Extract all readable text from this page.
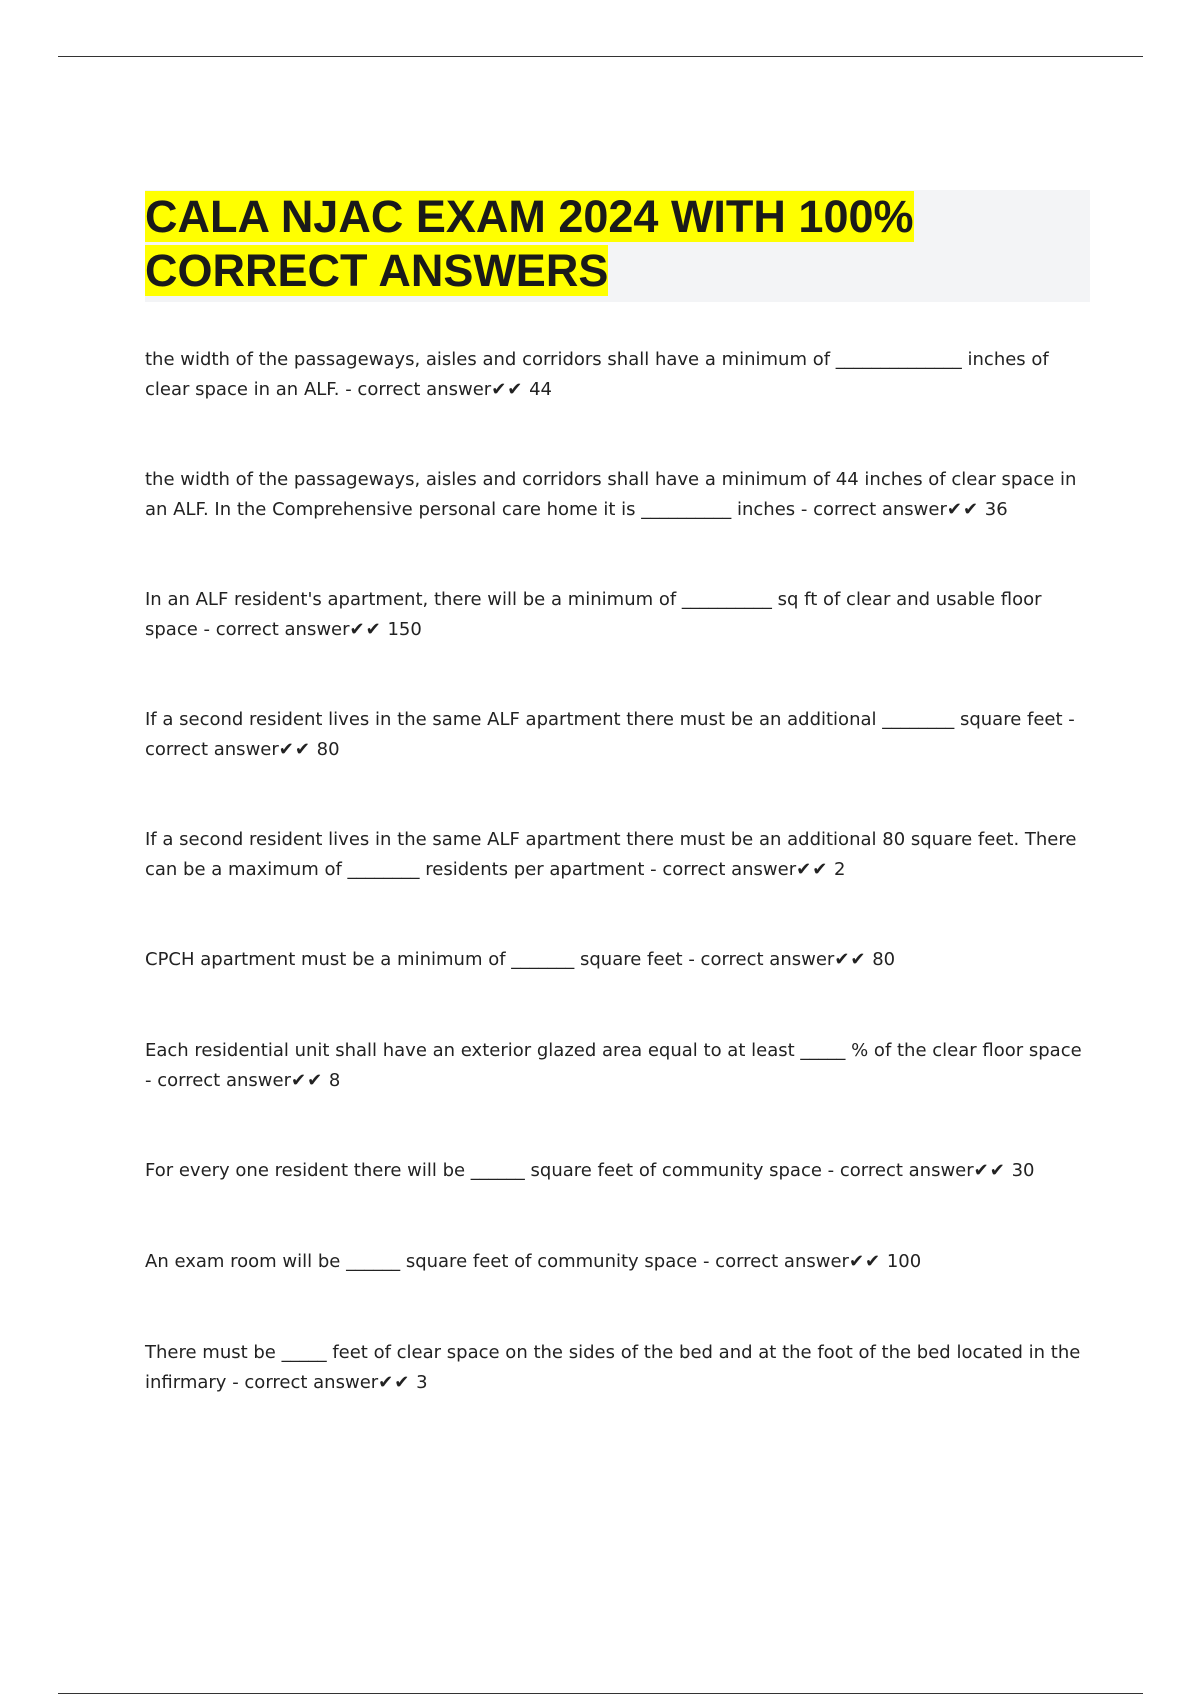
CALA NJAC EXAM 2024 WITH 100% CORRECT ANSWERS
the width of the passageways, aisles and corridors shall have a minimum of ______________ inches of clear space in an ALF. - correct answer✔✔ 44
the width of the passageways, aisles and corridors shall have a minimum of 44 inches of clear space in an ALF. In the Comprehensive personal care home it is __________ inches - correct answer✔✔ 36
In an ALF resident's apartment, there will be a minimum of __________ sq ft of clear and usable floor space - correct answer✔✔ 150
If a second resident lives in the same ALF apartment there must be an additional ________ square feet - correct answer✔✔ 80
If a second resident lives in the same ALF apartment there must be an additional 80 square feet. There can be a maximum of ________ residents per apartment - correct answer✔✔ 2
CPCH apartment must be a minimum of _______ square feet - correct answer✔✔ 80
Each residential unit shall have an exterior glazed area equal to at least _____ % of the clear floor space - correct answer✔✔ 8
For every one resident there will be ______ square feet of community space - correct answer✔✔ 30
An exam room will be ______ square feet of community space - correct answer✔✔ 100
There must be _____ feet of clear space on the sides of the bed and at the foot of the bed located in the infirmary - correct answer✔✔ 3
